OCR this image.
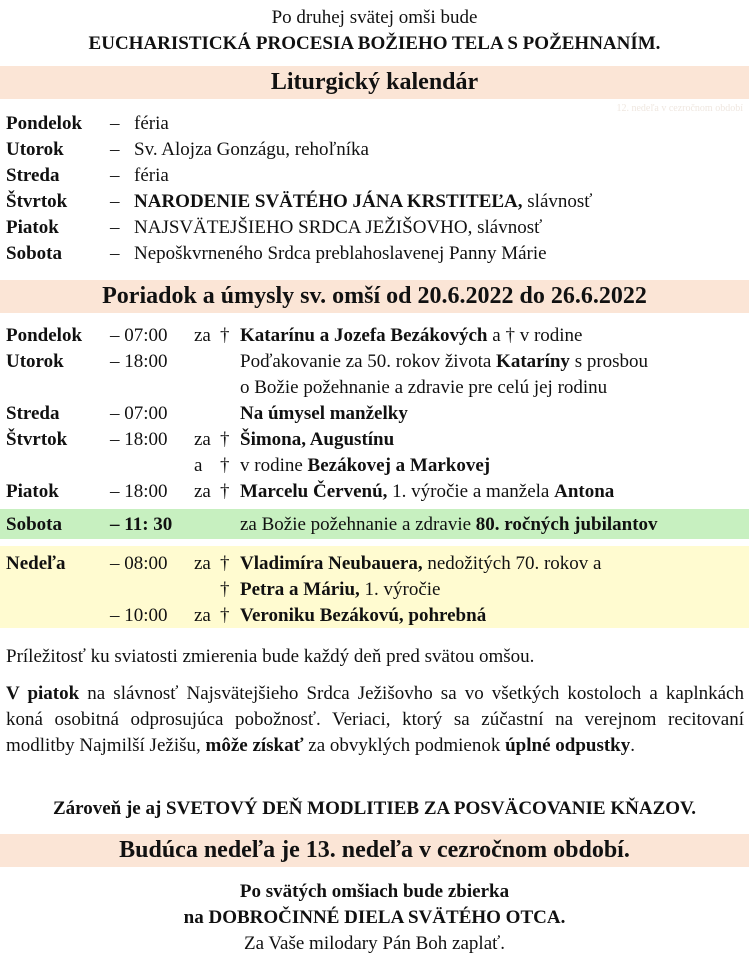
Po druhej svätej omši bude
EUCHARISTICKÁ PROCESIA BOŽIEHO TELA S POŽEHNANÍM.
Liturgický kalendár
12. nedeľa v cezročnom období
Pondelok – féria
Utorok – Sv. Alojza Gonzágu, rehoľníka
Streda	– féria
Štvrtok – NARODENIE SVÄTÉHO JÁNA KRSTITEĽA, slávnosť
Piatok	– NAJSVÄTEJŠIEHO SRDCA JEŽIŠOVHO, slávnosť
Sobota	– Nepoškvrneného Srdca preblahoslavenej Panny Márie
Poriadok a úmysly sv. omší od 20.6.2022 do 26.6.2022
Pondelok – 07:00 za † Katarínu a Jozefa Bezákových a † v rodine
Utorok – 18:00	Poďakovanie za 50. rokov života Kataríny s prosbou
o Božie požehnanie a zdravie pre celú jej rodinu
Streda	– 07:00	Na úmysel manželky
Štvrtok – 18:00 za † Šimona, Augustínu
a † v rodine Bezákovej a Markovej
Piatok	– 18:00 za † Marcelu Červenú, 1. výročie a manžela Antona
Sobota	– 11: 30	za Božie požehnanie a zdravie 80. ročných jubilantov
Nedeľa – 08:00 za † Vladimíra Neubauera, nedožitých 70. rokov a
† Petra a Máriu, 1. výročie
– 10:00 za † Veroniku Bezákovú, pohrebná
Príležitosť ku sviatosti zmierenia bude každý deň pred svätou omšou.
V piatok na slávnosť Najsvätejšieho Srdca Ježišovho sa vo všetkých kostoloch a kaplnkách koná osobitná odprosujúca pobožnosť. Veriaci, ktorý sa zúčastní na verejnom recitovaní modlitby Najmilší Ježišu, môže získať za obvyklých podmienok úplné odpustky.
Zároveň je aj SVETOVÝ DEŇ MODLITIEB ZA POSVÄCOVANIE KŇAZOV.
Budúca nedeľa je 13. nedeľa v cezročnom období.
Po svätých omšiach bude zbierka
na DOBROČINNÉ DIELA SVÄTÉHO OTCA.
Za Vaše milodary Pán Boh zaplať.
